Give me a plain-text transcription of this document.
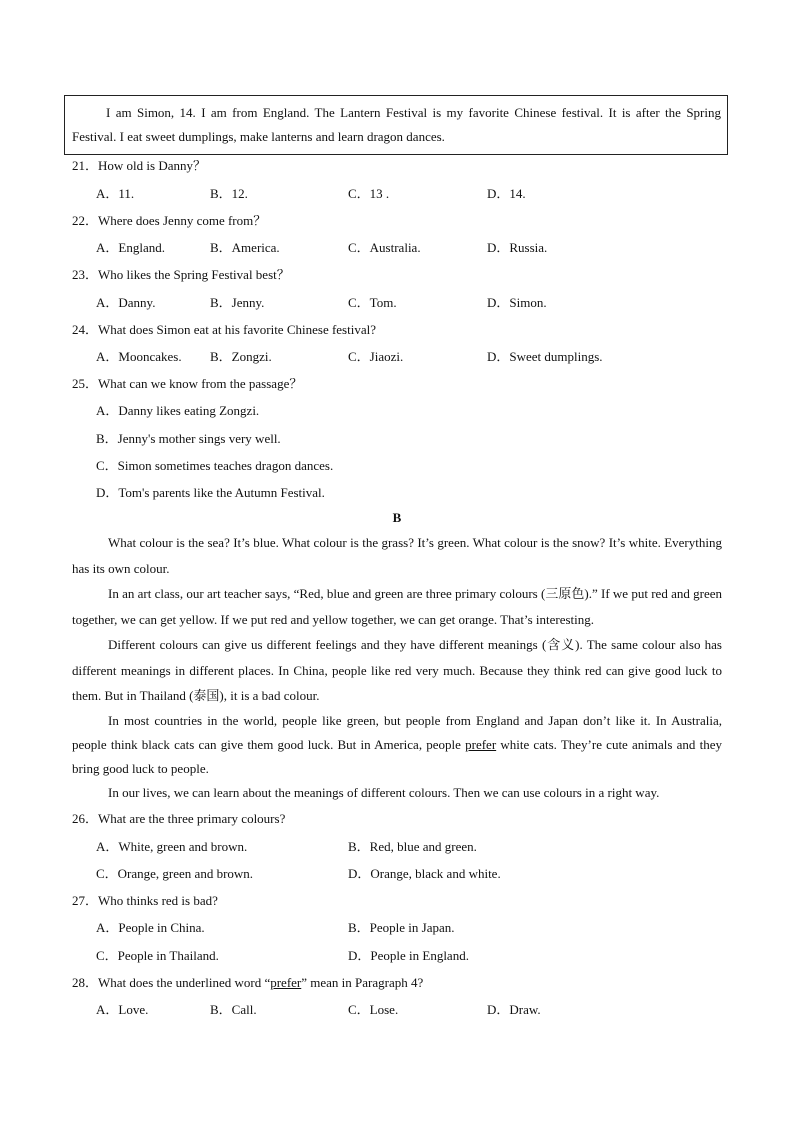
I am Simon, 14. I am from England. The Lantern Festival is my favorite Chinese festival. It is after the Spring Festival. I eat sweet dumplings, make lanterns and learn dragon dances.

21．How old is Danny？
A．11.	B．12.	C．13 .	D．14.
22．Where does Jenny come from？
A．England.	B．America.	C．Australia.	D．Russia.
23．Who likes the Spring Festival best？
A．Danny.	B．Jenny.	C．Tom.	D．Simon.
24．What does Simon eat at his favorite Chinese festival?
A．Mooncakes. B．Zongzi.	C．Jiaozi.	D．Sweet dumplings.
25．What can we know from the passage？
A．Danny likes eating Zongzi.
B．Jenny's mother sings very well.
C．Simon sometimes teaches dragon dances.
D．Tom's parents like the Autumn Festival.
B

What colour is the sea? It’s blue. What colour is the grass? It’s green. What colour is the snow? It’s white. Everything has its own colour.

In an art class, our art teacher says, “Red, blue and green are three primary colours (三原色).” If we put red and green together, we can get yellow. If we put red and yellow together, we can get orange. That’s interesting.

Different colours can give us different feelings and they have different meanings (含义). The same colour also has different meanings in different places. In China, people like red very much. Because they think red can give good luck to them. But in Thailand (泰国), it is a bad colour.

In most countries in the world, people like green, but people from England and Japan don’t like it. In Australia, people think black cats can give them good luck. But in America, people prefer white cats. They’re cute animals and they bring good luck to people.

In our lives, we can learn about the meanings of different colours. Then we can use colours in a right way.

26．What are the three primary colours?
A．White, green and brown.	B．Red, blue and green.
C．Orange, green and brown.	D．Orange, black and white.
27．Who thinks red is bad?
A．People in China.	B．People in Japan.
C．People in Thailand.	D．People in England.
28．What does the underlined word “prefer” mean in Paragraph 4?
A．Love.	B．Call.	C．Lose.	D．Draw.
